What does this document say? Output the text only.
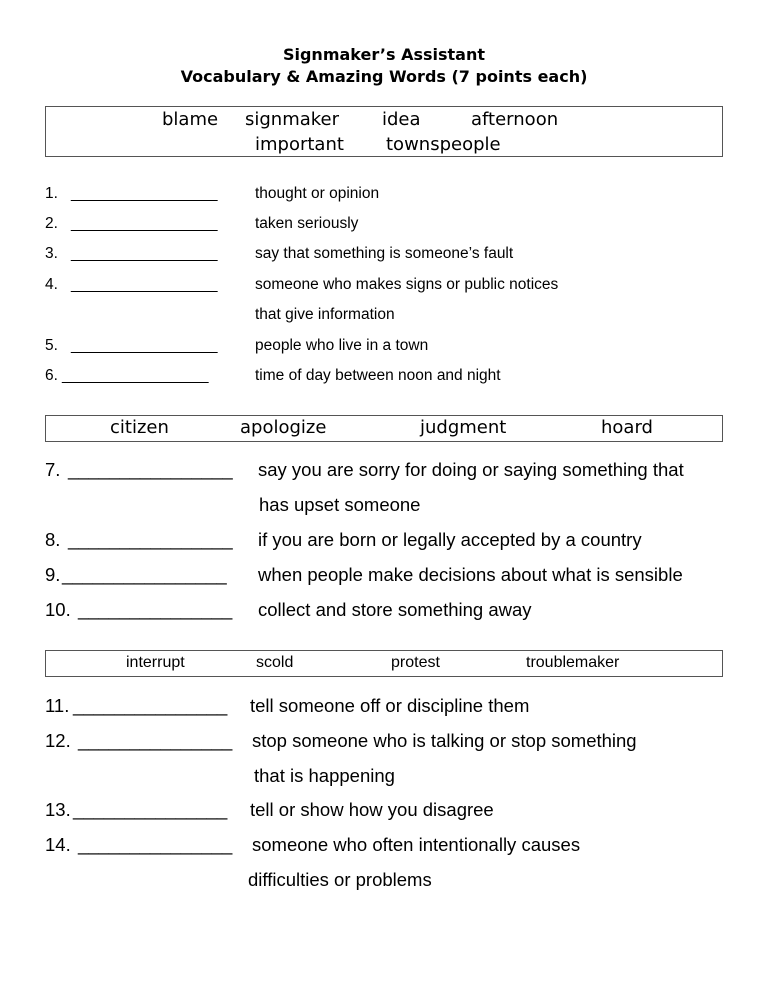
Signmaker’s Assistant
Vocabulary & Amazing Words (7 points each)
blame signmaker idea	afternoon
important townspeople
1. _________________ thought or opinion
2. _________________ taken seriously
3. _________________ say that something is someone’s fault
4. _________________ someone who makes signs or public notices
that give information
5. _________________ people who live in a town
6. _________________	time of day between noon and night
citizen	apologize	judgment	hoard
7. ________________ say you are sorry for doing or saying something that
has upset someone
8. ________________ if you are born or legally accepted by a country
9. ________________ when people make decisions about what is sensible
10. _______________ collect and store something away
interrupt	scold	protest	troublemaker
11. _______________ tell someone off or discipline them
12. _______________ stop someone who is talking or stop something
that is happening
13. _______________ tell or show how you disagree
14. _______________ someone who often intentionally causes
difficulties or problems
